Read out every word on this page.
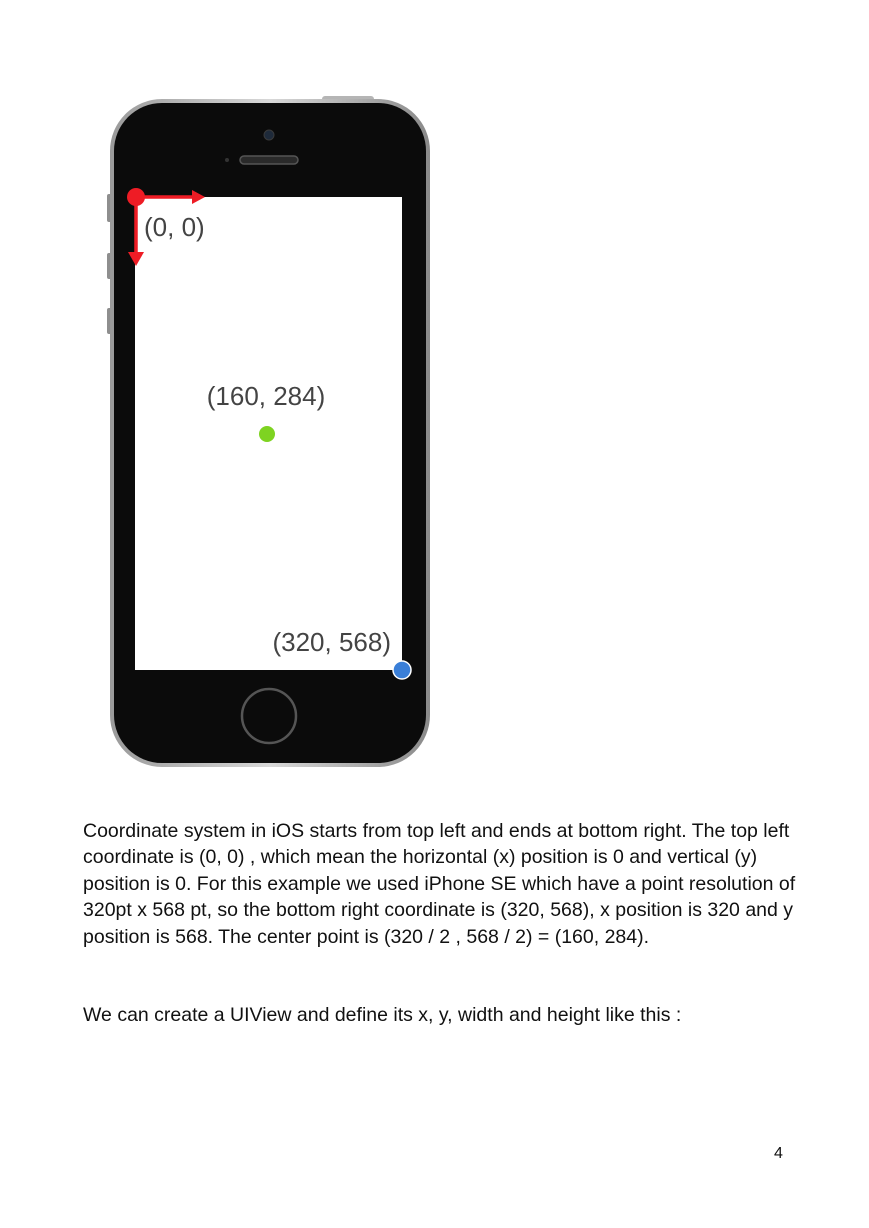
(0, 0)
(160, 284)
(320, 568)

Coordinate system in iOS starts from top left and ends at bottom right. The top left coordinate is (0, 0) , which mean the horizontal (x) position is 0 and vertical (y) position is 0. For this example we used iPhone SE which have a point resolution of 320pt x 568 pt, so the bottom right coordinate is (320, 568), x position is 320 and y position is 568. The center point is (320 / 2 , 568 / 2) = (160, 284).

We can create a UIView and define its x, y, width and height like this :

4
